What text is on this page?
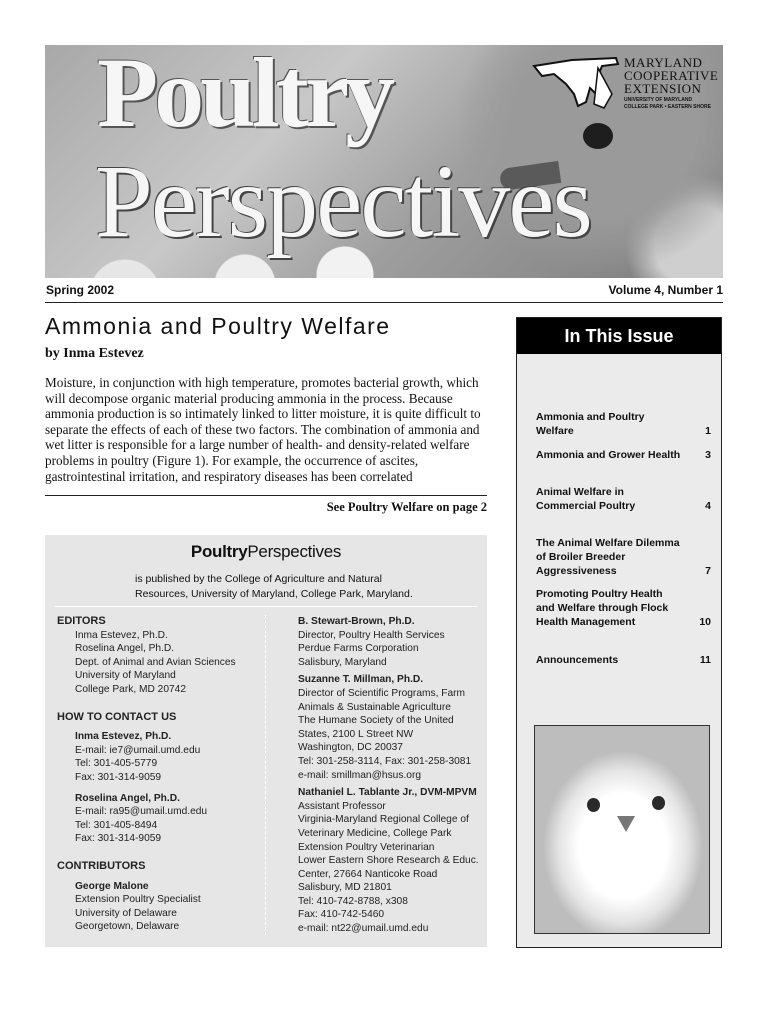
Poultry
Perspectives
MARYLAND
COOPERATIVE
EXTENSION
UNIVERSITY OF MARYLAND
COLLEGE PARK • EASTERN SHORE
Spring 2002	Volume 4, Number 1
Ammonia and Poultry Welfare
by Inma Estevez

Moisture, in conjunction with high temperature, promotes bacterial growth, which will decompose organic material producing ammonia in the process. Because ammonia production is so intimately linked to litter moisture, it is quite difficult to separate the effects of each of these two factors. The combination of ammonia and wet litter is responsible for a large number of health- and density-related welfare problems in poultry (Figure 1). For example, the occurrence of ascites, gastrointestinal irritation, and respiratory diseases has been correlated

See Poultry Welfare on page 2
PoultryPerspectives
is published by the College of Agriculture and Natural Resources, University of Maryland, College Park, Maryland.

EDITORS

Inma Estevez, Ph.D.

Roselina Angel, Ph.D.

Dept. of Animal and Avian Sciences

University of Maryland

College Park, MD 20742

HOW TO CONTACT US

Inma Estevez, Ph.D.

E-mail: ie7@umail.umd.edu

Tel: 301-405-5779

Fax: 301-314-9059

Roselina Angel, Ph.D.

E-mail: ra95@umail.umd.edu

Tel: 301-405-8494

Fax: 301-314-9059

CONTRIBUTORS

George Malone

Extension Poultry Specialist

University of Delaware

Georgetown, Delaware

B. Stewart-Brown, Ph.D.

Director, Poultry Health Services

Perdue Farms Corporation

Salisbury, Maryland

Suzanne T. Millman, Ph.D.

Director of Scientific Programs, Farm

Animals & Sustainable Agriculture

The Humane Society of the United

States, 2100 L Street NW

Washington, DC 20037

Tel: 301-258-3114, Fax: 301-258-3081

e-mail: smillman@hsus.org

Nathaniel L. Tablante Jr., DVM-MPVM

Assistant Professor

Virginia-Maryland Regional College of

Veterinary Medicine, College Park

Extension Poultry Veterinarian

Lower Eastern Shore Research & Educ.

Center, 27664 Nanticoke Road

Salisbury, MD 21801

Tel: 410-742-8788, x308

Fax: 410-742-5460

e-mail: nt22@umail.umd.edu

In This Issue
Ammonia and Poultry Welfare	1
Ammonia and Grower Health	3
Animal Welfare in Commercial Poultry	4
The Animal Welfare Dilemma of Broiler Breeder Aggressiveness	7
Promoting Poultry Health and Welfare through Flock Health Management	10
Announcements	11
